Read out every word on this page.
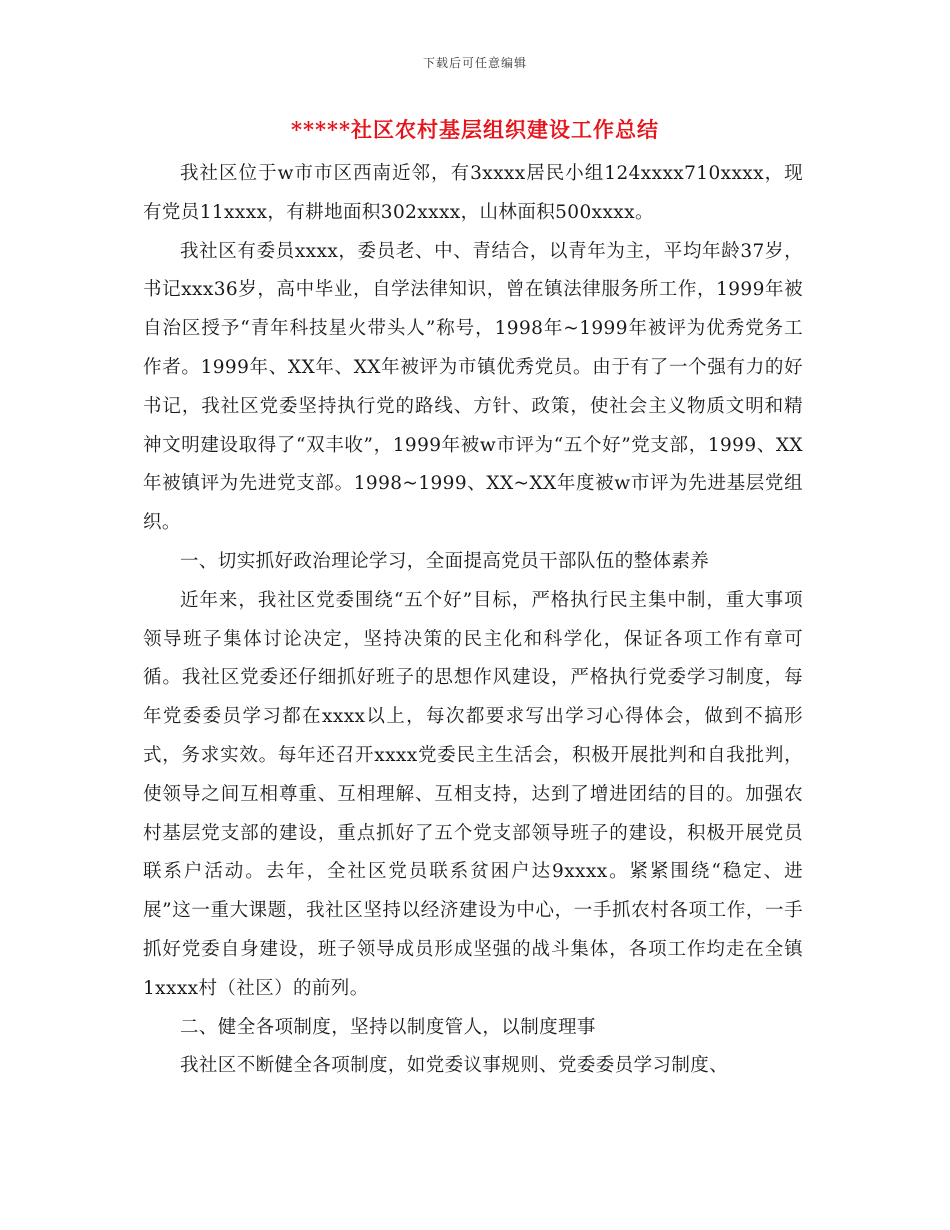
下载后可任意编辑
*****社区农村基层组织建设工作总结

我社区位于w市市区西南近邻，有3xxxx居民小组124xxxx710xxxx，现有党员11xxxx，有耕地面积302xxxx，山林面积500xxxx。

我社区有委员xxxx，委员老、中、青结合，以青年为主，平均年龄37岁，书记xxx36岁，高中毕业，自学法律知识，曾在镇法律服务所工作，1999年被自治区授予“青年科技星火带头人”称号，1998年~1999年被评为优秀党务工作者。1999年、XX年、XX年被评为市镇优秀党员。由于有了一个强有力的好书记，我社区党委坚持执行党的路线、方针、政策，使社会主义物质文明和精神文明建设取得了“双丰收”，1999年被w市评为“五个好”党支部，1999、XX年被镇评为先进党支部。1998~1999、XX~XX年度被w市评为先进基层党组织。

一、切实抓好政治理论学习，全面提高党员干部队伍的整体素养

近年来，我社区党委围绕“五个好”目标，严格执行民主集中制，重大事项领导班子集体讨论决定，坚持决策的民主化和科学化，保证各项工作有章可循。我社区党委还仔细抓好班子的思想作风建设，严格执行党委学习制度，每年党委委员学习都在xxxx以上，每次都要求写出学习心得体会，做到不搞形式，务求实效。每年还召开xxxx党委民主生活会，积极开展批判和自我批判，使领导之间互相尊重、互相理解、互相支持，达到了增进团结的目的。加强农村基层党支部的建设，重点抓好了五个党支部领导班子的建设，积极开展党员联系户活动。去年，全社区党员联系贫困户达9xxxx。紧紧围绕“稳定、进展”这一重大课题，我社区坚持以经济建设为中心，一手抓农村各项工作，一手抓好党委自身建设，班子领导成员形成坚强的战斗集体，各项工作均走在全镇1xxxx村（社区）的前列。

二、健全各项制度，坚持以制度管人，以制度理事

我社区不断健全各项制度，如党委议事规则、党委委员学习制度、
